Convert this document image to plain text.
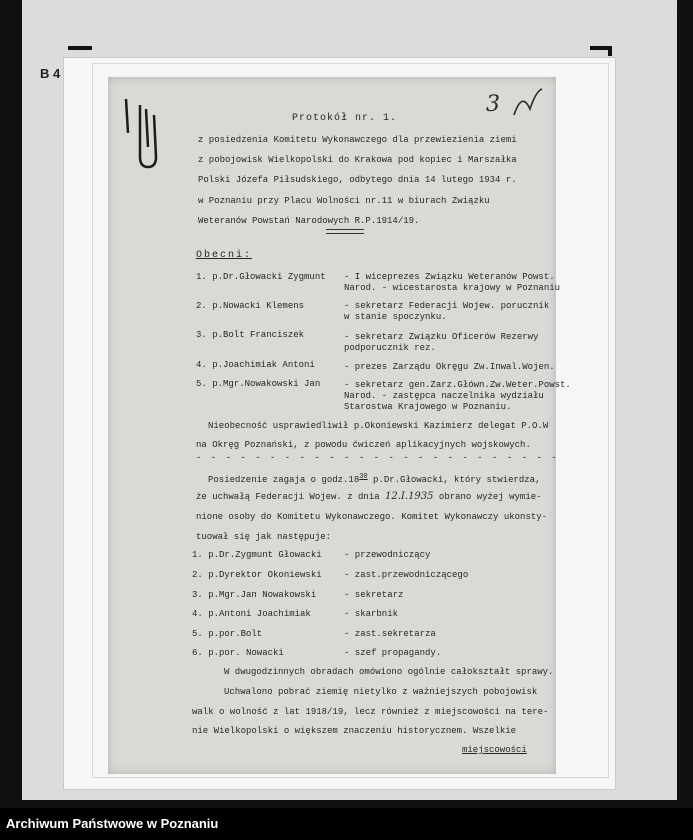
B 4
3
Protokół nr. 1.
z posiedzenia Komitetu Wykonawczego dla przewiezienia ziemi
z pobojowisk Wielkopolski do Krakowa pod kopiec i Marszałka
Polski Józefa Piłsudskiego, odbytego dnia 14 lutego 1934 r.
w Poznaniu przy Placu Wolności nr.11 w biurach Związku
Weteranów Powstań Narodowych R.P.1914/19.
Obecni:
1. p.Dr.Głowacki Zygmunt - I wiceprezes Związku Weteranów Powst.
Narod. - wicestarosta krajowy w Poznaniu
2. p.Nowacki Klemens	- sekretarz Federacji Wojew. porucznik
w stanie spoczynku.
3. p.Bolt Franciszek	- sekretarz Związku Oficerów Rezerwy
podporucznik rez.
4. p.Joachimiak Antoni	- prezes Zarządu Okręgu Zw.Inwal.Wojen.
5. p.Mgr.Nowakowski Jan	- sekretarz gen.Zarz.Główn.Zw.Weter.Powst.
Narod. - zastępca naczelnika wydziału
Starostwa Krajowego w Poznaniu.
Nieobecność usprawiedliwił p.Okoniewski Kazimierz delegat P.O.W
na Okręg Poznański, z powodu ćwiczeń aplikacyjnych wojskowych.
- - - - - - - - - - - - - - - - - - - - - - - - -
Posiedzenie zagaja o $godz.18^{30}$ p.Dr.Głowacki, który stwierdza,
że uchwałą Federacji Wojew. z dnia 12.I.1935 obrano wyżej wymie-
nione osoby do Komitetu Wykonawczego. Komitet Wykonawczy ukonsty-
tuował się jak następuje:
1. p.Dr.Zygmunt Głowacki - przewodniczący
2. p.Dyrektor Okoniewski - zast.przewodniczącego
3. p.Mgr.Jan Nowakowski	- sekretarz
4. p.Antoni Joachimiak	- skarbnik
5. p.por.Bolt	- zast.sekretarza
6. p.por. Nowacki	- szef propagandy.
W dwugodzinnych obradach omówiono ogólnie całokształt sprawy.
Uchwalono pobrać ziemię nietylko z ważniejszych pobojowisk
walk o wolność z lat 1918/19, lecz również z miejscowości na tere-
nie Wielkopolski o większem znaczeniu historycznem. Wszelkie
miejscowości
Archiwum Państwowe w Poznaniu
